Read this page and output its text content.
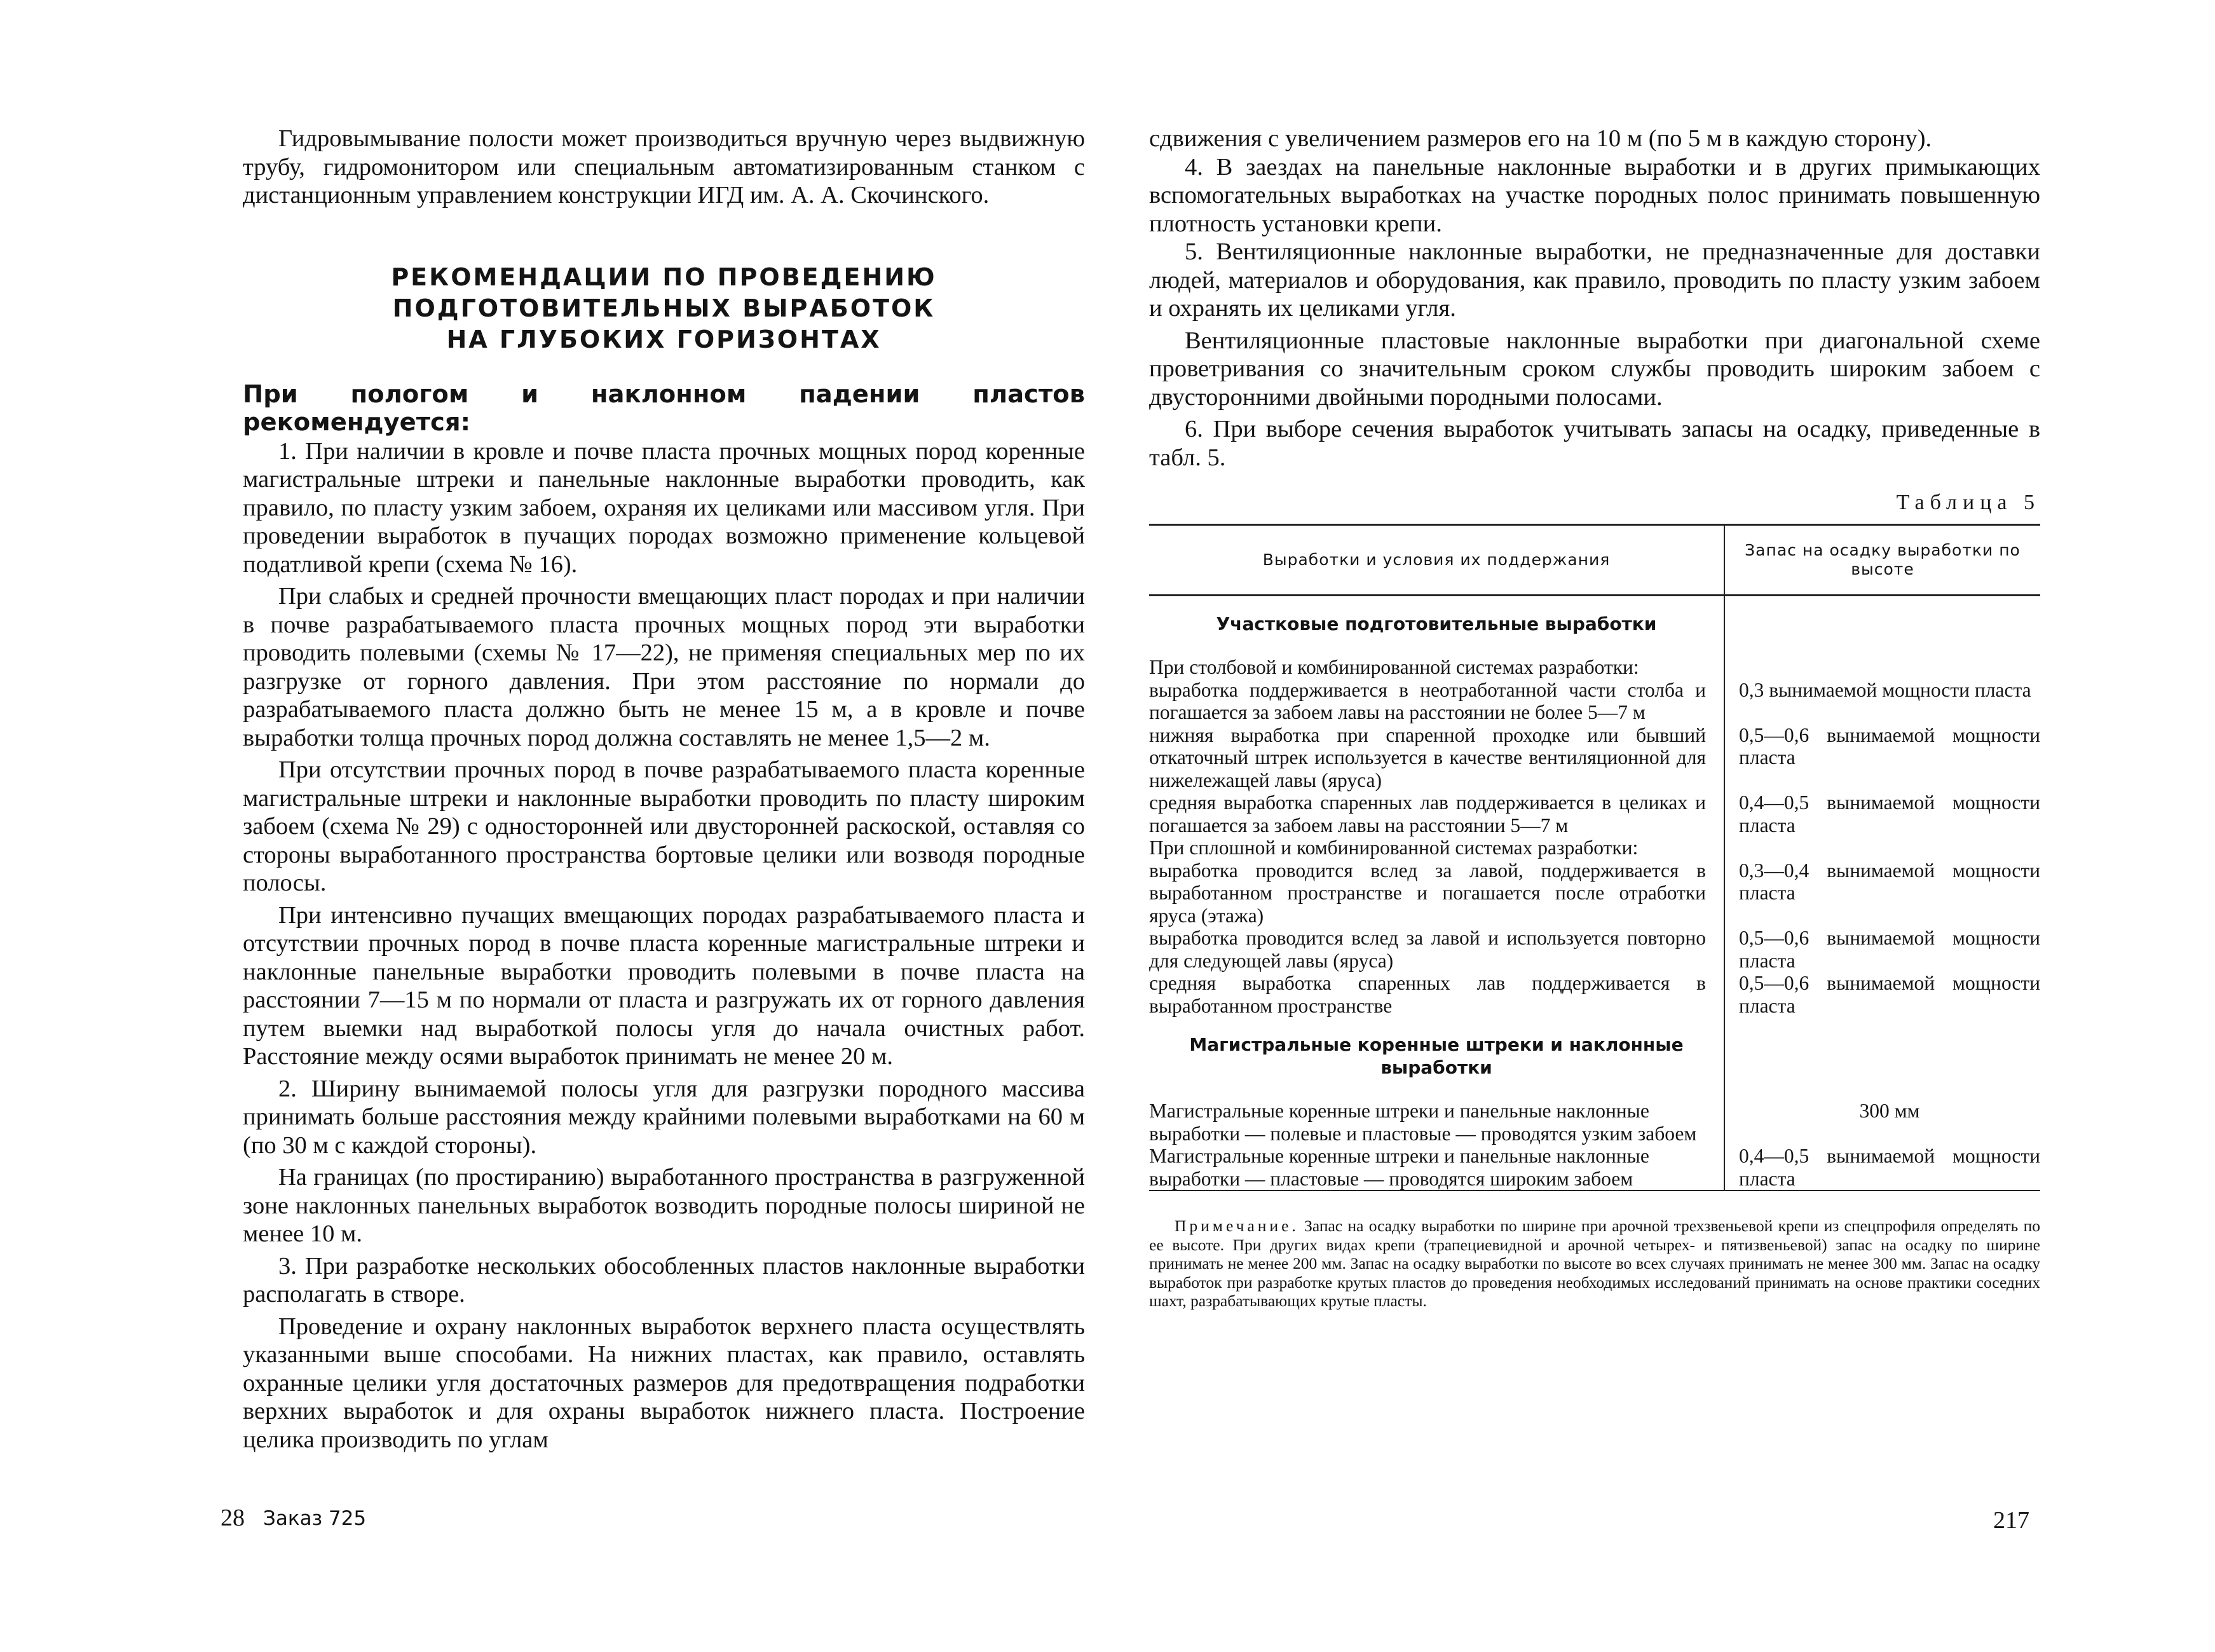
Гидровымывание полости может производиться вручную через выдвижную трубу, гидромонитором или специальным автоматизированным станком с дистанционным управлением конструкции ИГД им. А. А. Скочинского.

РЕКОМЕНДАЦИИ ПО ПРОВЕДЕНИЮ
ПОДГОТОВИТЕЛЬНЫХ ВЫРАБОТОК
НА ГЛУБОКИХ ГОРИЗОНТАХ

При пологом и наклонном падении пластов рекомендуется:

1. При наличии в кровле и почве пласта прочных мощных пород коренные магистральные штреки и панельные наклонные выработки проводить, как правило, по пласту узким забоем, охраняя их целиками или массивом угля. При проведении выработок в пучащих породах возможно применение кольцевой податливой крепи (схема № 16).

При слабых и средней прочности вмещающих пласт породах и при наличии в почве разрабатываемого пласта прочных мощных пород эти выработки проводить полевыми (схемы № 17—22), не применяя специальных мер по их разгрузке от горного давления. При этом расстояние по нормали до разрабатываемого пласта должно быть не менее 15 м, а в кровле и почве выработки толща прочных пород должна составлять не менее 1,5—2 м.

При отсутствии прочных пород в почве разрабатываемого пласта коренные магистральные штреки и наклонные выработки проводить по пласту широким забоем (схема № 29) с односторонней или двусторонней раскоской, оставляя со стороны выработанного пространства бортовые целики или возводя породные полосы.

При интенсивно пучащих вмещающих породах разрабатываемого пласта и отсутствии прочных пород в почве пласта коренные магистральные штреки и наклонные панельные выработки проводить полевыми в почве пласта на расстоянии 7—15 м по нормали от пласта и разгружать их от горного давления путем выемки над выработкой полосы угля до начала очистных работ. Расстояние между осями выработок принимать не менее 20 м.

2. Ширину вынимаемой полосы угля для разгрузки породного массива принимать больше расстояния между крайними полевыми выработками на 60 м (по 30 м с каждой стороны).

На границах (по простиранию) выработанного пространства в разгруженной зоне наклонных панельных выработок возводить породные полосы шириной не менее 10 м.

3. При разработке нескольких обособленных пластов наклонные выработки располагать в створе.

Проведение и охрану наклонных выработок верхнего пласта осуществлять указанными выше способами. На нижних пластах, как правило, оставлять охранные целики угля достаточных размеров для предотвращения подработки верхних выработок и для охраны выработок нижнего пласта. Построение целика производить по углам

28 Заказ 725

сдвижения с увеличением размеров его на 10 м (по 5 м в каждую сторону).

4. В заездах на панельные наклонные выработки и в других примыкающих вспомогательных выработках на участке породных полос принимать повышенную плотность установки крепи.

5. Вентиляционные наклонные выработки, не предназначенные для доставки людей, материалов и оборудования, как правило, проводить по пласту узким забоем и охранять их целиками угля.

Вентиляционные пластовые наклонные выработки при диагональной схеме проветривания со значительным сроком службы проводить широким забоем с двусторонними двойными породными полосами.

6. При выборе сечения выработок учитывать запасы на осадку, приведенные в табл. 5.

Таблица 5
Выработки и условия их поддержания	Запас на осадку выработки по высоте
Участковые подготовительные выработки	
При столбовой и комбинированной системах разработки:	
выработка поддерживается в неотработанной части столба и погашается за забоем лавы на расстоянии не более 5—7 м	0,3 вынимаемой мощности пласта
нижняя выработка при спаренной проходке или бывший откаточный штрек используется в качестве вентиляционной для нижележащей лавы (яруса)	0,5—0,6 вынимаемой мощности пласта
средняя выработка спаренных лав поддерживается в целиках и погашается за забоем лавы на расстоянии 5—7 м	0,4—0,5 вынимаемой мощности пласта
При сплошной и комбинированной системах разработки:	
выработка проводится вслед за лавой, поддерживается в выработанном пространстве и погашается после отработки яруса (этажа)	0,3—0,4 вынимаемой мощности пласта
выработка проводится вслед за лавой и используется повторно для следующей лавы (яруса)	0,5—0,6 вынимаемой мощности пласта
средняя выработка спаренных лав поддерживается в выработанном пространстве	0,5—0,6 вынимаемой мощности пласта
Магистральные коренные штреки и наклонные выработки	
Магистральные коренные штреки и панельные наклонные выработки — полевые и пластовые — проводятся узким забоем	300 мм
Магистральные коренные штреки и панельные наклонные выработки — пластовые — проводятся широким забоем	0,4—0,5 вынимаемой мощности пласта

Примечание. Запас на осадку выработки по ширине при арочной трехзвеньевой крепи из спецпрофиля определять по ее высоте. При других видах крепи (трапециевидной и арочной четырех- и пятизвеньевой) запас на осадку по ширине принимать не менее 200 мм. Запас на осадку выработки по высоте во всех случаях принимать не менее 300 мм. Запас на осадку выработок при разработке крутых пластов до проведения необходимых исследований принимать на основе практики соседних шахт, разрабатывающих крутые пласты.

217
